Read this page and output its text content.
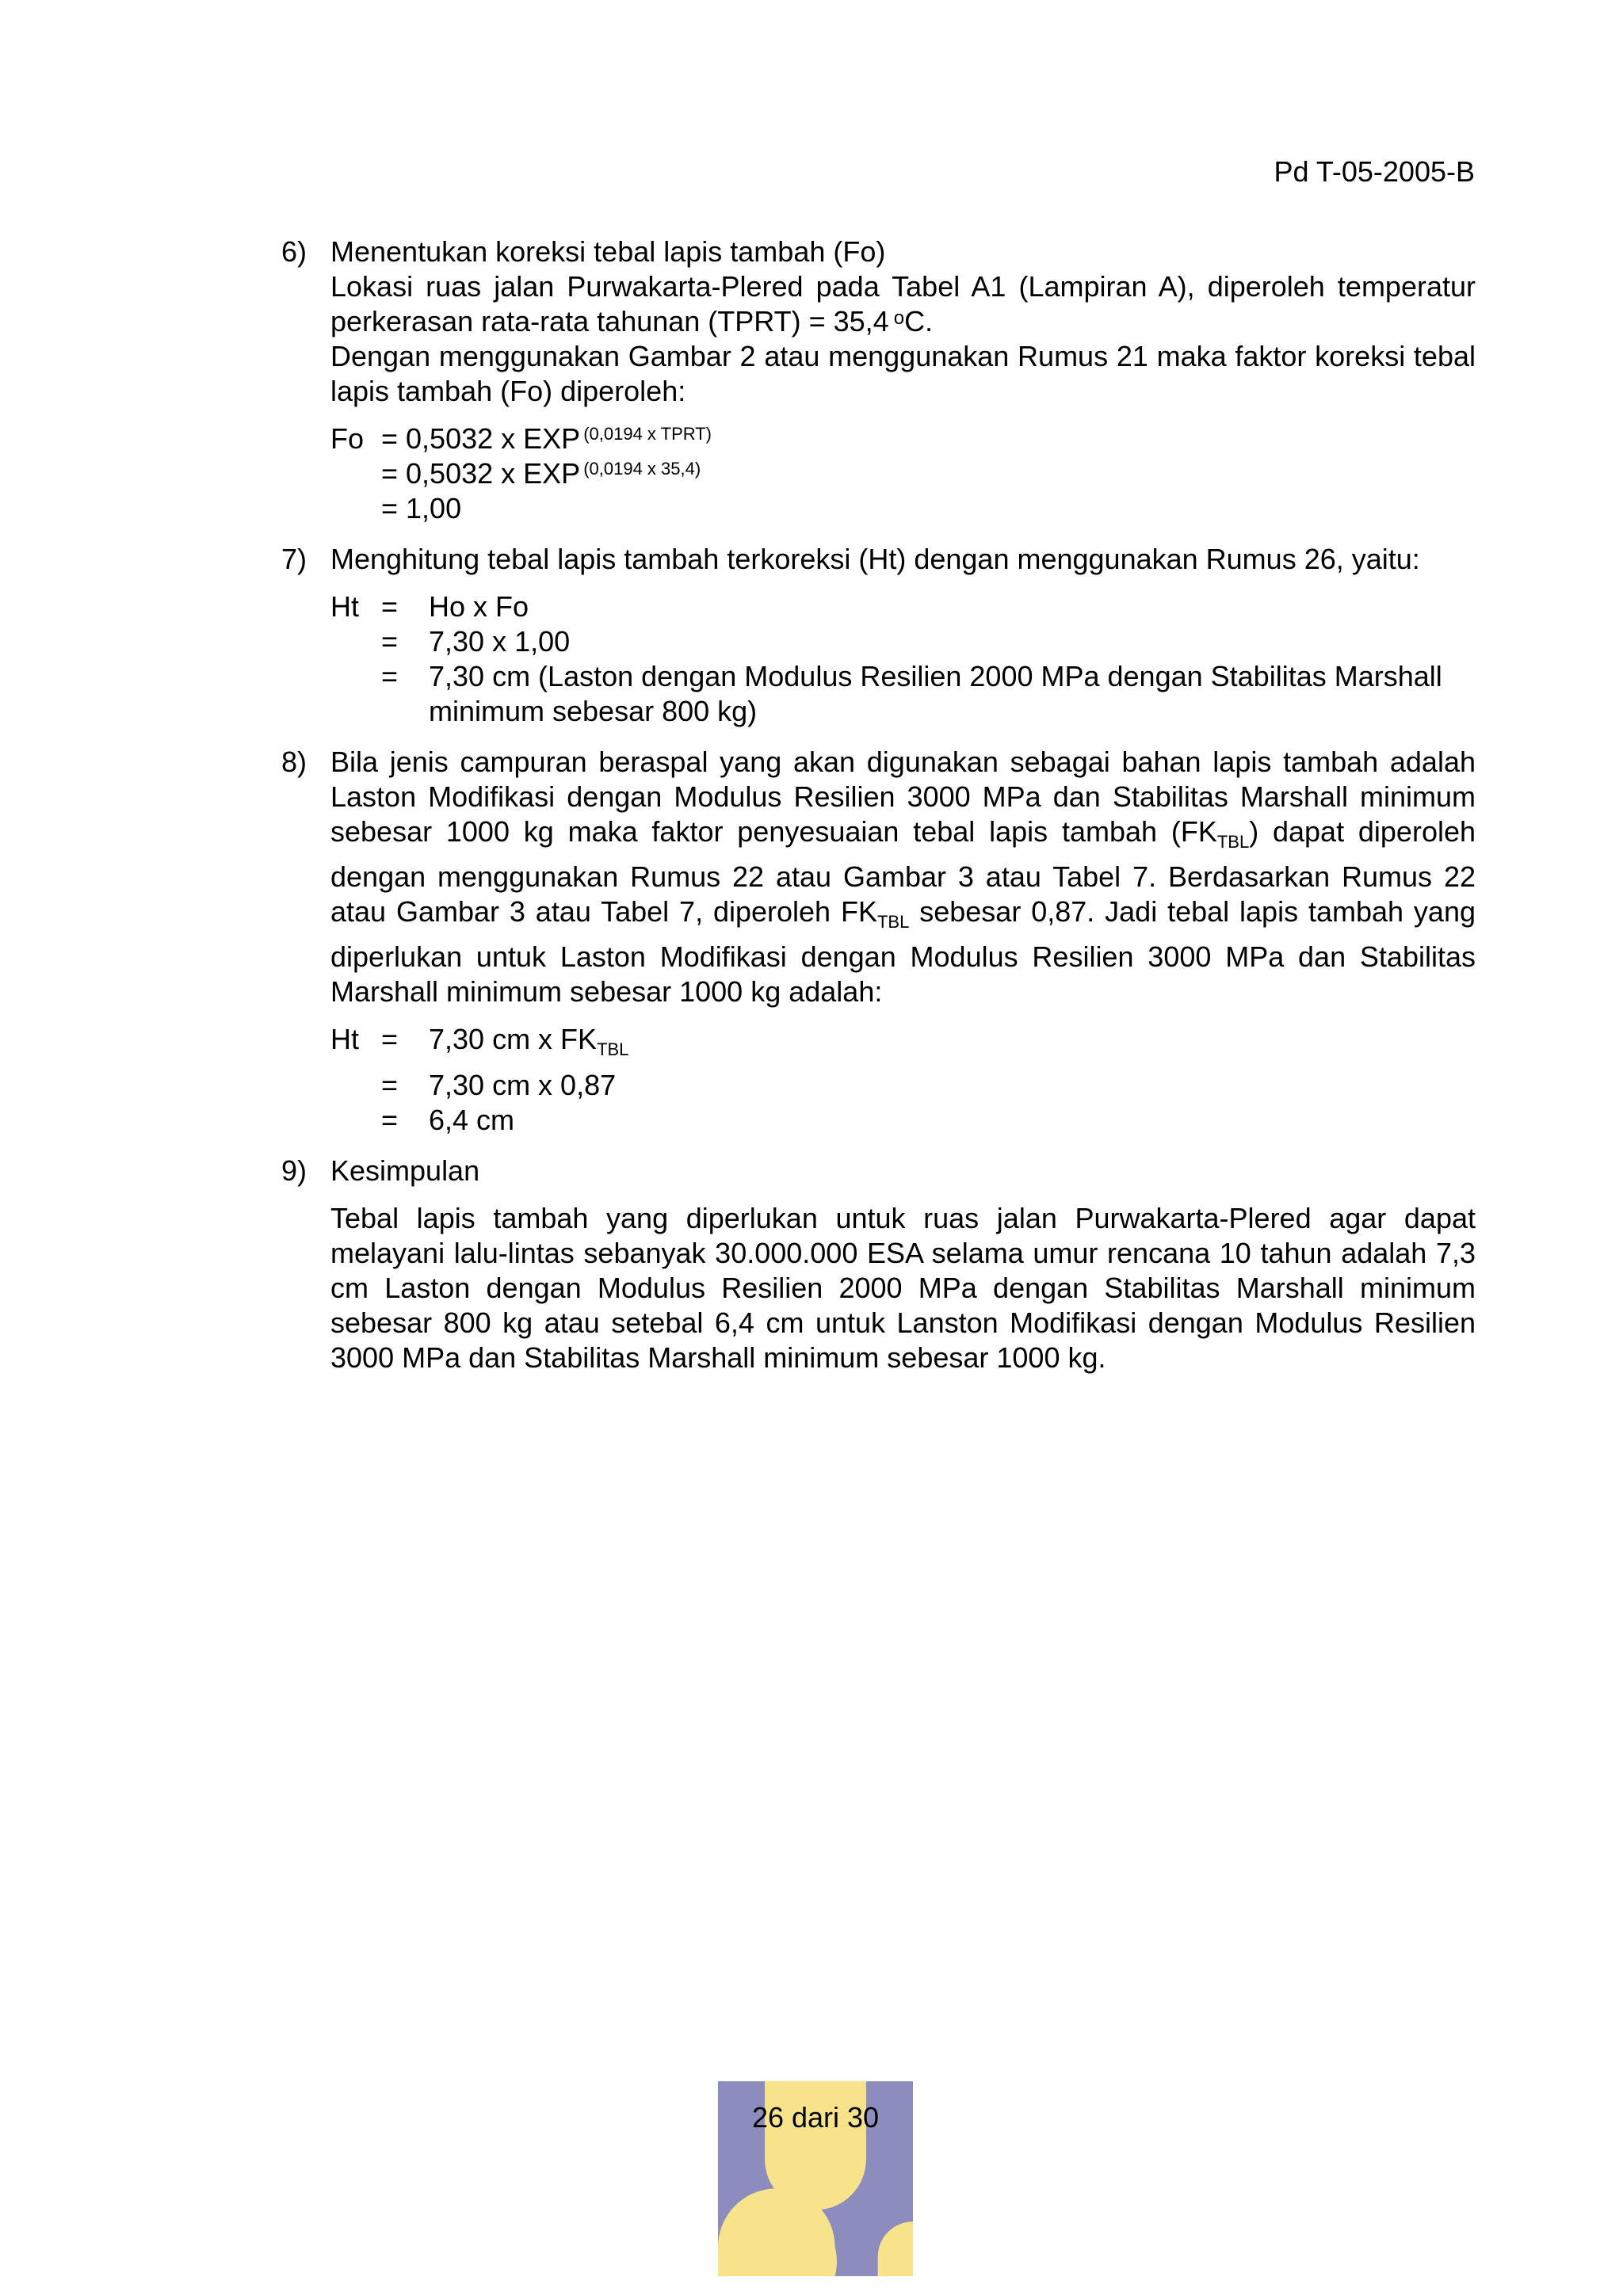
Pd T-05-2005-B
6) Menentukan koreksi tebal lapis tambah (Fo)
Lokasi ruas jalan Purwakarta-Plered pada Tabel A1 (Lampiran A), diperoleh temperatur perkerasan rata-rata tahunan (TPRT) = 35,4 $^o$C.
Dengan menggunakan Gambar 2 atau menggunakan Rumus 21 maka faktor koreksi tebal lapis tambah (Fo) diperoleh:
Fo = 0,5032 x EXP $^{(0,0194 x TPRT)}$
= 0,5032 x EXP $^{(0,0194 x 35,4)}$
= 1,00
7) Menghitung tebal lapis tambah terkoreksi (Ht) dengan menggunakan Rumus 26, yaitu:
Ht =	Ho x Fo
=	7,30 x 1,00
=	7,30 cm (Laston dengan Modulus Resilien 2000 MPa dengan Stabilitas Marshall minimum sebesar 800 kg)
8) Bila jenis campuran beraspal yang akan digunakan sebagai bahan lapis tambah adalah Laston Modifikasi dengan Modulus Resilien 3000 MPa dan Stabilitas Marshall minimum sebesar 1000 kg maka faktor penyesuaian tebal lapis tambah $(FK_{TBL})$ dapat diperoleh dengan menggunakan Rumus 22 atau Gambar 3 atau Tabel 7. Berdasarkan Rumus 22 atau Gambar 3 atau Tabel 7, diperoleh $FK_{TBL}$ sebesar 0,87. Jadi tebal lapis tambah yang diperlukan untuk Laston Modifikasi dengan Modulus Resilien 3000 MPa dan Stabilitas Marshall minimum sebesar 1000 kg adalah:
Ht =	7,30 cm x $FK_{TBL}$
=	7,30 cm x 0,87
=	6,4 cm
9) Kesimpulan
Tebal lapis tambah yang diperlukan untuk ruas jalan Purwakarta-Plered agar dapat melayani lalu-lintas sebanyak 30.000.000 ESA selama umur rencana 10 tahun adalah 7,3 cm Laston dengan Modulus Resilien 2000 MPa dengan Stabilitas Marshall minimum sebesar 800 kg atau setebal 6,4 cm untuk Lanston Modifikasi dengan Modulus Resilien 3000 MPa dan Stabilitas Marshall minimum sebesar 1000 kg.
26 dari 30
